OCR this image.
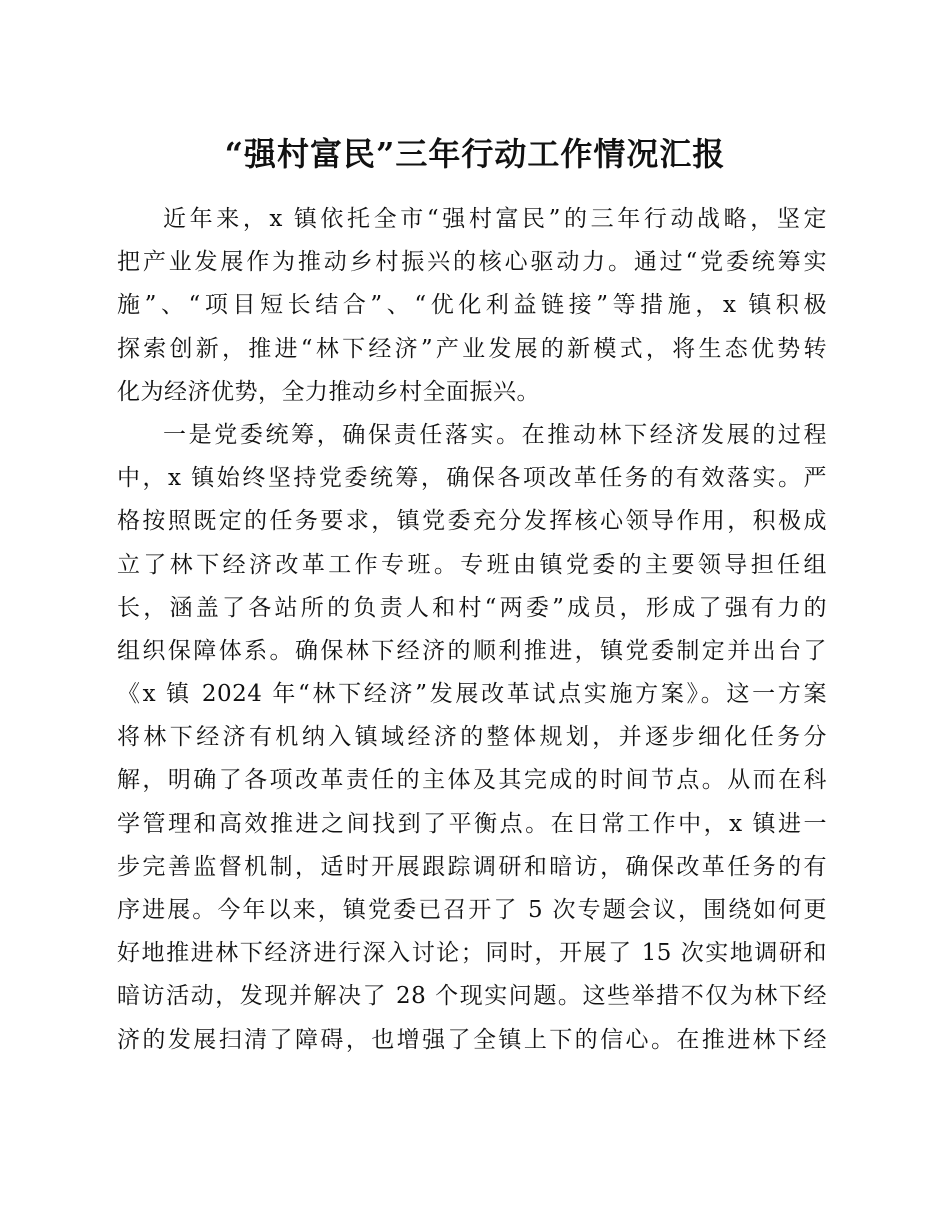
“强村富民”三年行动工作情况汇报
近年来，x 镇依托全市“强村富民”的三年行动战略，坚定
把产业发展作为推动乡村振兴的核心驱动力。通过“党委统筹实
施”、“项目短长结合”、“优化利益链接”等措施，x 镇积极
探索创新，推进“林下经济”产业发展的新模式，将生态优势转
化为经济优势，全力推动乡村全面振兴。
一是党委统筹，确保责任落实。在推动林下经济发展的过程
中，x 镇始终坚持党委统筹，确保各项改革任务的有效落实。严
格按照既定的任务要求，镇党委充分发挥核心领导作用，积极成
立了林下经济改革工作专班。专班由镇党委的主要领导担任组
长，涵盖了各站所的负责人和村“两委”成员，形成了强有力的
组织保障体系。确保林下经济的顺利推进，镇党委制定并出台了
《x 镇 2024 年“林下经济”发展改革试点实施方案》。这一方案
将林下经济有机纳入镇域经济的整体规划，并逐步细化任务分
解，明确了各项改革责任的主体及其完成的时间节点。从而在科
学管理和高效推进之间找到了平衡点。在日常工作中，x 镇进一
步完善监督机制，适时开展跟踪调研和暗访，确保改革任务的有
序进展。今年以来，镇党委已召开了 5 次专题会议，围绕如何更
好地推进林下经济进行深入讨论；同时，开展了 15 次实地调研和
暗访活动，发现并解决了 28 个现实问题。这些举措不仅为林下经
济的发展扫清了障碍，也增强了全镇上下的信心。在推进林下经
